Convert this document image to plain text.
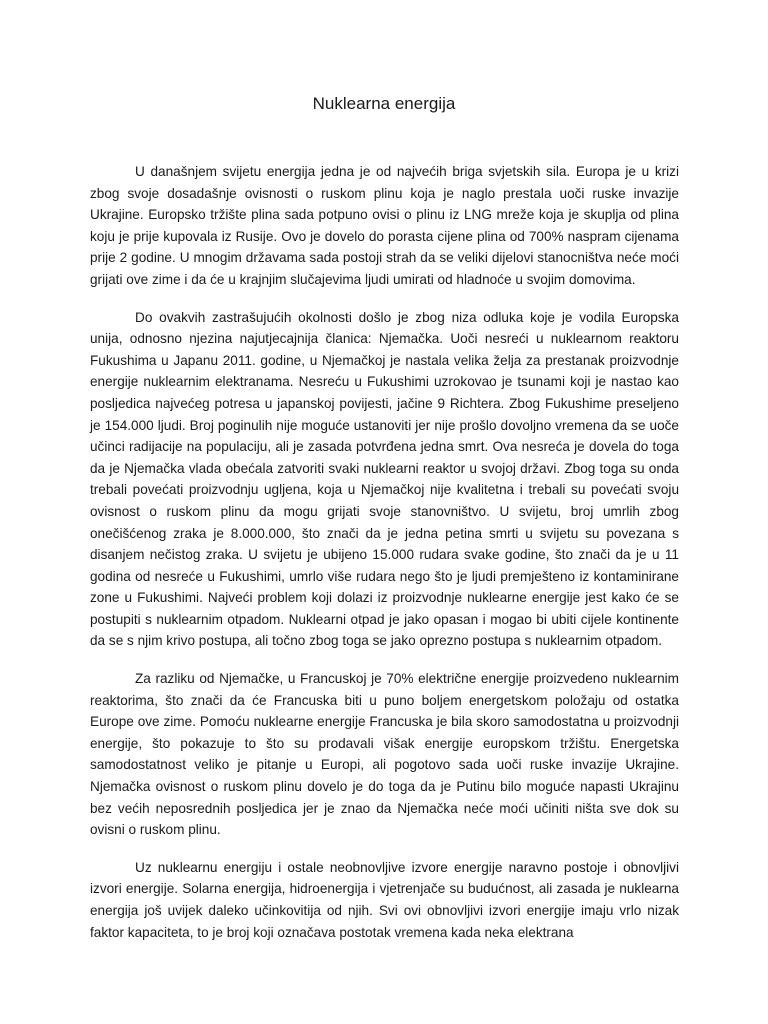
Nuklearna energija

U današnjem svijetu energija jedna je od najvećih briga svjetskih sila. Europa je u krizi zbog svoje dosadašnje ovisnosti o ruskom plinu koja je naglo prestala uoči ruske invazije Ukrajine. Europsko tržište plina sada potpuno ovisi o plinu iz LNG mreže koja je skuplja od plina koju je prije kupovala iz Rusije. Ovo je dovelo do porasta cijene plina od 700% naspram cijenama prije 2 godine. U mnogim državama sada postoji strah da se veliki dijelovi stanocništva neće moći grijati ove zime i da će u krajnjim slučajevima ljudi umirati od hladnoće u svojim domovima.

Do ovakvih zastrašujućih okolnosti došlo je zbog niza odluka koje je vodila Europska unija, odnosno njezina najutjecajnija članica: Njemačka. Uoči nesreći u nuklearnom reaktoru Fukushima u Japanu 2011. godine, u Njemačkoj je nastala velika želja za prestanak proizvodnje energije nuklearnim elektranama. Nesreću u Fukushimi uzrokovao je tsunami koji je nastao kao posljedica najvećeg potresa u japanskoj povijesti, jačine 9 Richtera. Zbog Fukushime preseljeno je 154.000 ljudi. Broj poginulih nije moguće ustanoviti jer nije prošlo dovoljno vremena da se uoče učinci radijacije na populaciju, ali je zasada potvrđena jedna smrt. Ova nesreća je dovela do toga da je Njemačka vlada obećala zatvoriti svaki nuklearni reaktor u svojoj državi. Zbog toga su onda trebali povećati proizvodnju ugljena, koja u Njemačkoj nije kvalitetna i trebali su povećati svoju ovisnost o ruskom plinu da mogu grijati svoje stanovništvo. U svijetu, broj umrlih zbog onečišćenog zraka je 8.000.000, što znači da je jedna petina smrti u svijetu su povezana s disanjem nečistog zraka. U svijetu je ubijeno 15.000 rudara svake godine, što znači da je u 11 godina od nesreće u Fukushimi, umrlo više rudara nego što je ljudi premješteno iz kontaminirane zone u Fukushimi. Najveći problem koji dolazi iz proizvodnje nuklearne energije jest kako će se postupiti s nuklearnim otpadom. Nuklearni otpad je jako opasan i mogao bi ubiti cijele kontinente da se s njim krivo postupa, ali točno zbog toga se jako oprezno postupa s nuklearnim otpadom.

Za razliku od Njemačke, u Francuskoj je 70% električne energije proizvedeno nuklearnim reaktorima, što znači da će Francuska biti u puno boljem energetskom položaju od ostatka Europe ove zime. Pomoću nuklearne energije Francuska je bila skoro samodostatna u proizvodnji energije, što pokazuje to što su prodavali višak energije europskom tržištu. Energetska samodostatnost veliko je pitanje u Europi, ali pogotovo sada uoči ruske invazije Ukrajine. Njemačka ovisnost o ruskom plinu dovelo je do toga da je Putinu bilo moguće napasti Ukrajinu bez većih neposrednih posljedica jer je znao da Njemačka neće moći učiniti ništa sve dok su ovisni o ruskom plinu.

Uz nuklearnu energiju i ostale neobnovljive izvore energije naravno postoje i obnovljivi izvori energije. Solarna energija, hidroenergija i vjetrenjače su budućnost, ali zasada je nuklearna energija još uvijek daleko učinkovitija od njih. Svi ovi obnovljivi izvori energije imaju vrlo nizak faktor kapaciteta, to je broj koji označava postotak vremena kada neka elektrana
